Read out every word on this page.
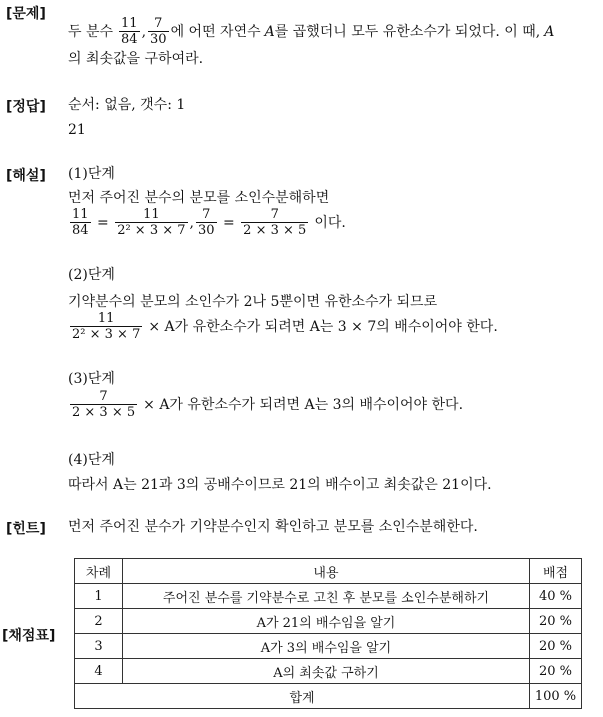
[문제]
두 분수 $\frac{11}{84}$ , $\frac{7}{30}$ 에 어떤 자연수 A 를 곱했더니 모두 유한소수가 되었다. 이 때, A
의 최솟값을 구하여라.
[정답] 순서: 없음, 갯수: 1
21
[해설] (1)단계
먼저 주어진 분수의 분모를 소인수분해하면
$\frac{11}{84} = \frac{11}{\text{2² × 3 × 7}}$ , $\frac{7}{30} = \frac{7}{2 \times 3 \times 5}$ 이다.
(2)단계
기약분수의 분모의 소인수가 2나 5뿐이면 유한소수가 되므로
$\frac{11}{\text{2² × 3 × 7}} \times A$가 유한소수가 되려면 A는 3 × 7의 배수이어야 한다.
(3)단계
$\frac{7}{2 \times 3 \times 5} \times A$가 유한소수가 되려면 A는 3의 배수이어야 한다.
(4)단계
따라서 A는 21과 3의 공배수이므로 21의 배수이고 최솟값은 21이다.
[힌트] 먼저 주어진 분수가 기약분수인지 확인하고 분모를 소인수분해한다.
[채점표]
차례	내용	배점
1	주어진 분수를 기약분수로 고친 후 분모를 소인수분해하기	40 %
2	A가 21의 배수임을 알기	20 %
3	A가 3의 배수임을 알기	20 %
4	A의 최솟값 구하기	20 %
합계		100 %
